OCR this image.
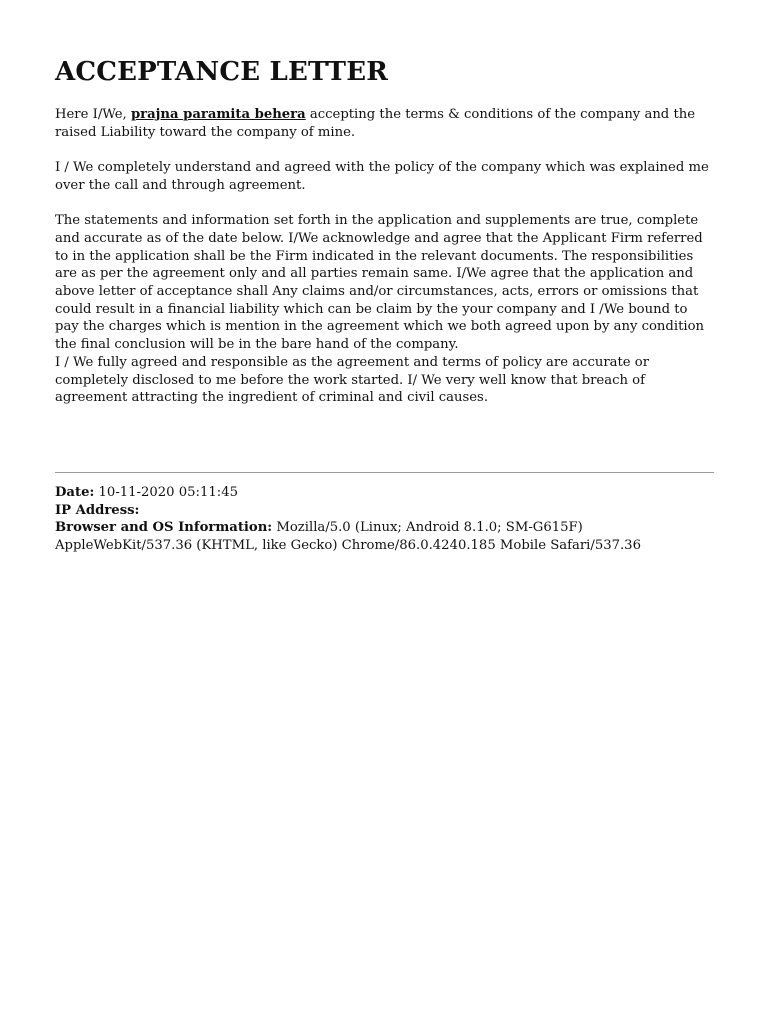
ACCEPTANCE LETTER

Here I/We, prajna paramita behera accepting the terms & conditions of the company and the raised Liability toward the company of mine.

I / We completely understand and agreed with the policy of the company which was explained me over the call and through agreement.

The statements and information set forth in the application and supplements are true, complete and accurate as of the date below. I/We acknowledge and agree that the Applicant Firm referred to in the application shall be the Firm indicated in the relevant documents. The responsibilities are as per the agreement only and all parties remain same. I/We agree that the application and above letter of acceptance shall Any claims and/or circumstances, acts, errors or omissions that could result in a financial liability which can be claim by the your company and I /We bound to pay the charges which is mention in the agreement which we both agreed upon by any condition the final conclusion will be in the bare hand of the company.

I / We fully agreed and responsible as the agreement and terms of policy are accurate or completely disclosed to me before the work started. I/ We very well know that breach of agreement attracting the ingredient of criminal and civil causes.

Date: 10-11-2020 05:11:45
IP Address:
Browser and OS Information: Mozilla/5.0 (Linux; Android 8.1.0; SM-G615F) AppleWebKit/537.36 (KHTML, like Gecko) Chrome/86.0.4240.185 Mobile Safari/537.36
